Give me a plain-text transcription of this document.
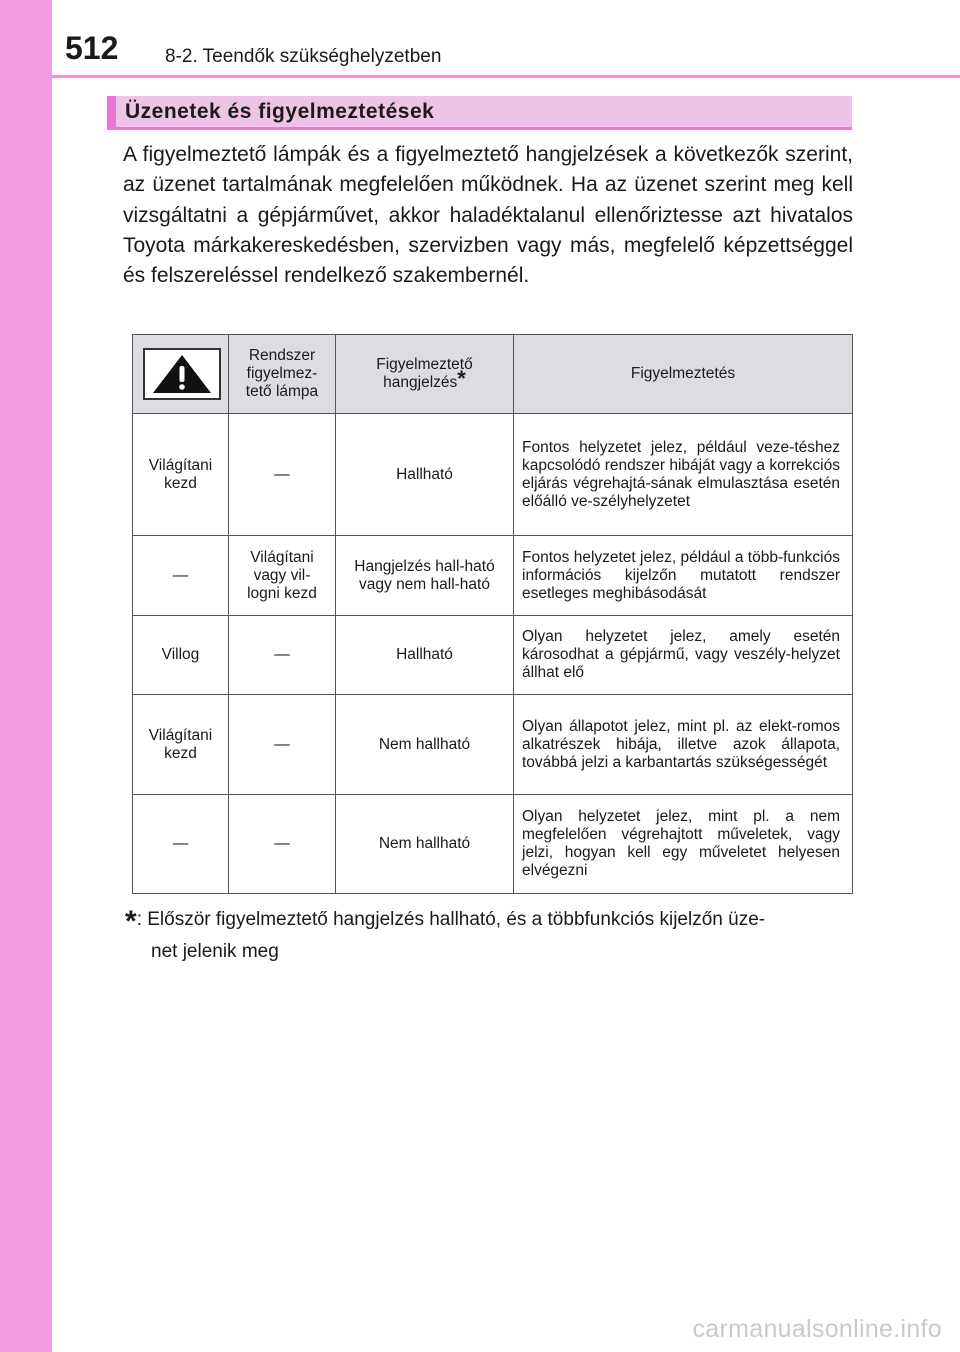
512 8-2. Teendők szükséghelyzetben
Üzenetek és figyelmeztetések

A figyelmeztető lámpák és a figyelmeztető hangjelzések a következők szerint, az üzenet tartalmának megfelelően működnek. Ha az üzenet szerint meg kell vizsgáltatni a gépjárművet, akkor haladéktalanul ellenőriztesse azt hivatalos Toyota márkakereskedésben, szervizben vagy más, megfelelő képzettséggel és felszereléssel rendelkező szakembernél.

	Rendszer figyelmez-tető lámpa	Figyelmeztető hangjelzés*	Figyelmeztetés
Világítani kezd	—	Hallható	Fontos helyzetet jelez, például veze-téshez kapcsolódó rendszer hibáját vagy a korrekciós eljárás végrehajtá-sának elmulasztása esetén előálló ve-szélyhelyzetet
—	Világítani vagy vil-logni kezd	Hangjelzés hall-ható vagy nem hall-ható	Fontos helyzetet jelez, például a több-funkciós információs kijelzőn mutatott rendszer esetleges meghibásodását
Villog	—	Hallható	Olyan helyzetet jelez, amely esetén károsodhat a gépjármű, vagy veszély-helyzet állhat elő
Világítani kezd	—	Nem hallható	Olyan állapotot jelez, mint pl. az elekt-romos alkatrészek hibája, illetve azok állapota, továbbá jelzi a karbantartás szükségességét
—	—	Nem hallható	Olyan helyzetet jelez, mint pl. a nem megfelelően végrehajtott műveletek, vagy jelzi, hogyan kell egy műveletet helyesen elvégezni
*: Először figyelmeztető hangjelzés hallható, és a többfunkciós kijelzőn üze-
net jelenik meg
carmanualsonline.info
